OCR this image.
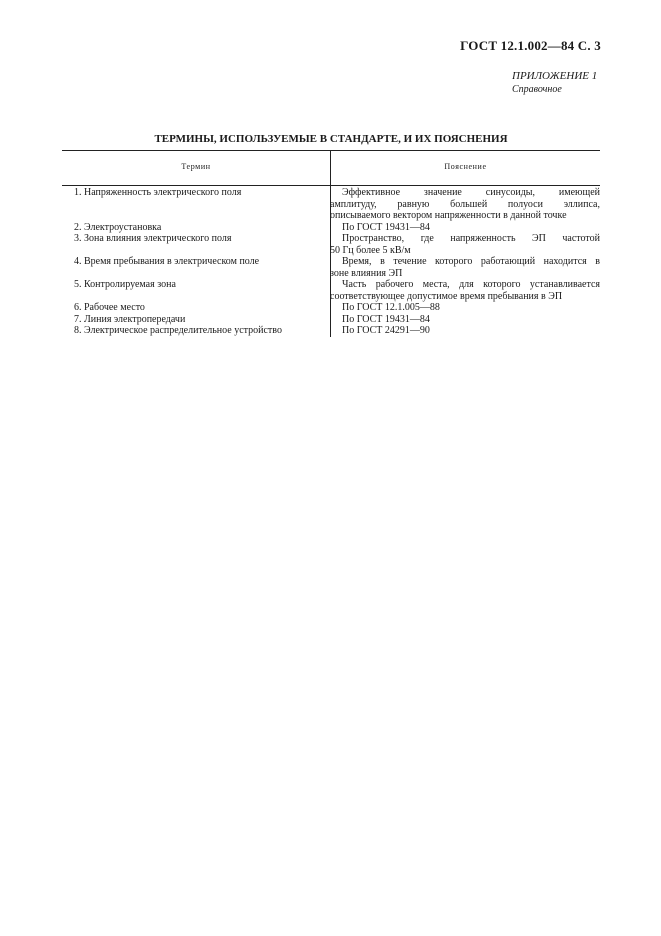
ГОСТ 12.1.002—84 С. 3
ПРИЛОЖЕНИЕ 1
Справочное
ТЕРМИНЫ, ИСПОЛЬЗУЕМЫЕ В СТАНДАРТЕ, И ИХ ПОЯСНЕНИЯ
Термин	Пояснение
1. Напряженность электрического поля	Эффективное значение синусоиды, имеющей
амплитуду, равную большей полуоси эллипса,
описываемого вектором напряженности в данной точке
2. Электроустановка	По ГОСТ 19431—84
3. Зона влияния электрического поля	Пространство, где напряженность ЭП частотой
50 Гц более 5 кВ/м
4. Время пребывания в электрическом поле	Время, в течение которого работающий находится в
зоне влияния ЭП
5. Контролируемая зона	Часть рабочего места, для которого устанавливается
соответствующее допустимое время пребывания в ЭП
6. Рабочее место	По ГОСТ 12.1.005—88
7. Линия электропередачи	По ГОСТ 19431—84
8. Электрическое распределительное устройство	По ГОСТ 24291—90
